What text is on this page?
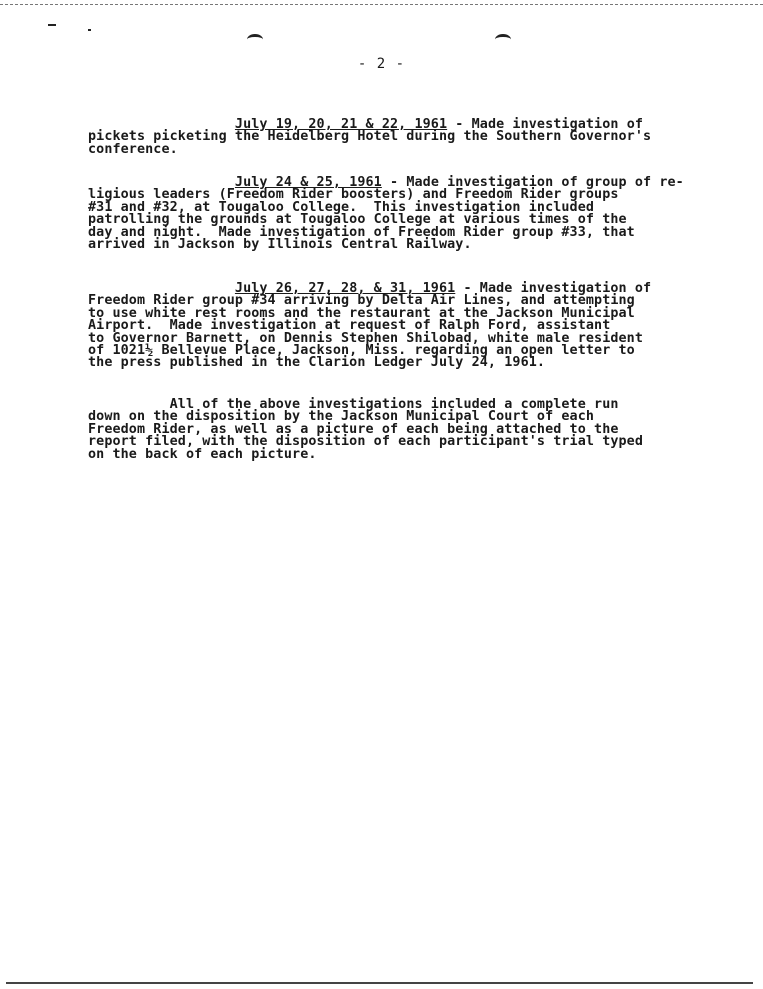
- 2 -

July 19, 20, 21 & 22, 1961 - Made investigation of
pickets picketing the Heidelberg Hotel during the Southern Governor's
conference.

July 24 & 25, 1961 - Made investigation of group of re-
ligious leaders (Freedom Rider boosters) and Freedom Rider groups
#31 and #32, at Tougaloo College.  This investigation included
patrolling the grounds at Tougaloo College at various times of the
day and night.  Made investigation of Freedom Rider group #33, that
arrived in Jackson by Illinois Central Railway.

July 26, 27, 28, & 31, 1961 - Made investigation of
Freedom Rider group #34 arriving by Delta Air Lines, and attempting
to use white rest rooms and the restaurant at the Jackson Municipal
Airport.  Made investigation at request of Ralph Ford, assistant
to Governor Barnett, on Dennis Stephen Shilobad, white male resident
of 1021½ Bellevue Place, Jackson, Miss. regarding an open letter to
the press published in the Clarion Ledger July 24, 1961.

All of the above investigations included a complete run
down on the disposition by the Jackson Municipal Court of each
Freedom Rider, as well as a picture of each being attached to the
report filed, with the disposition of each participant's trial typed
on the back of each picture.
